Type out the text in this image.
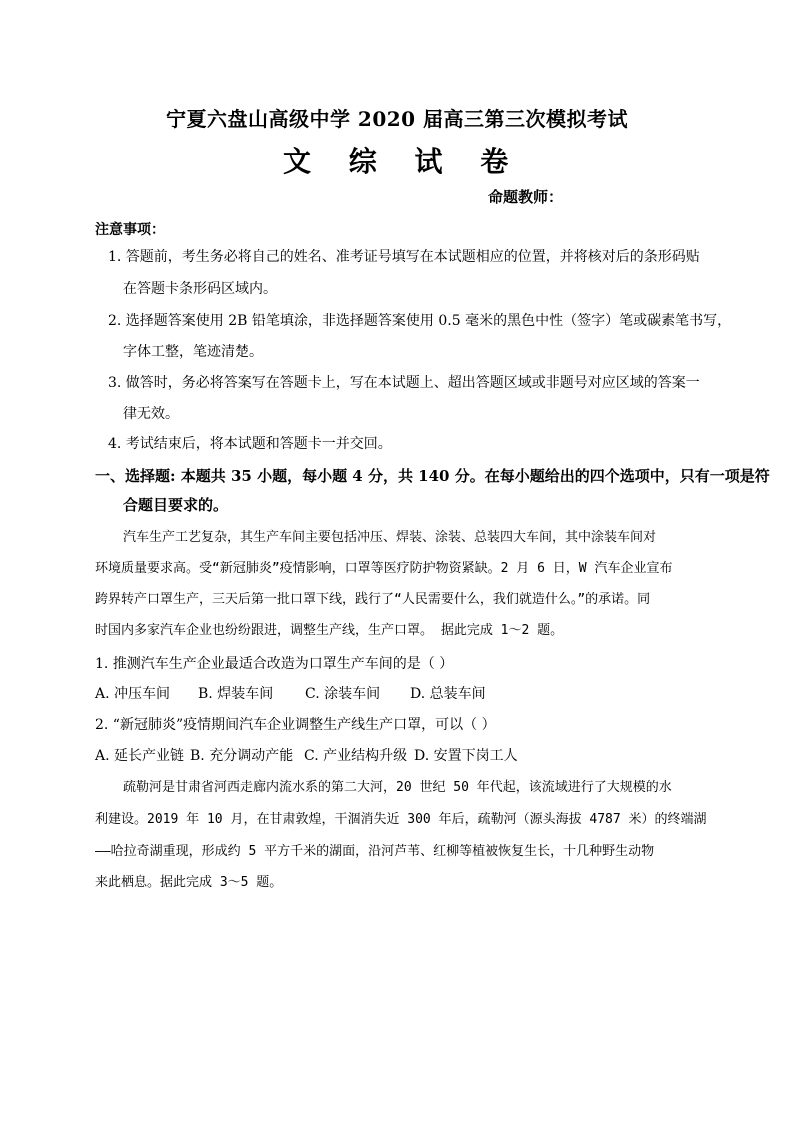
宁夏六盘山高级中学 2020 届高三第三次模拟考试
文 综 试 卷
命题教师：
注意事项：
1. 答题前，考生务必将自己的姓名、准考证号填写在本试题相应的位置，并将核对后的条形码贴
在答题卡条形码区域内。
2. 选择题答案使用 2B 铅笔填涂，非选择题答案使用 0.5 毫米的黑色中性（签字）笔或碳素笔书写，
字体工整，笔迹清楚。
3. 做答时，务必将答案写在答题卡上，写在本试题上、超出答题区域或非题号对应区域的答案一
律无效。
4. 考试结束后，将本试题和答题卡一并交回。
一、选择题: 本题共 35 小题，每小题 4 分，共 140 分。在每小题给出的四个选项中，只有一项是符
合题目要求的。
汽车生产工艺复杂，其生产车间主要包括冲压、焊装、涂装、总装四大车间，其中涂装车间对
环境质量要求高。受“新冠肺炎”疫情影响，口罩等医疗防护物资紧缺。2 月 6 日，W 汽车企业宣布
跨界转产口罩生产，三天后第一批口罩下线，践行了“人民需要什么，我们就造什么。”的承诺。同
时国内多家汽车企业也纷纷跟进，调整生产线，生产口罩。 据此完成 1～2 题。
1. 推测汽车生产企业最适合改造为口罩生产车间的是（ ）
A. 冲压车间 B. 焊装车间 C. 涂装车间 D. 总装车间
2. “新冠肺炎”疫情期间汽车企业调整生产线生产口罩，可以（ ）
A. 延长产业链 B. 充分调动产能 C. 产业结构升级 D. 安置下岗工人
疏勒河是甘肃省河西走廊内流水系的第二大河，20 世纪 50 年代起，该流域进行了大规模的水
利建设。2019 年 10 月，在甘肃敦煌，干涸消失近 300 年后，疏勒河（源头海拔 4787 米）的终端湖
——哈拉奇湖重现，形成约 5 平方千米的湖面，沿河芦苇、红柳等植被恢复生长，十几种野生动物
来此栖息。据此完成 3～5 题。
